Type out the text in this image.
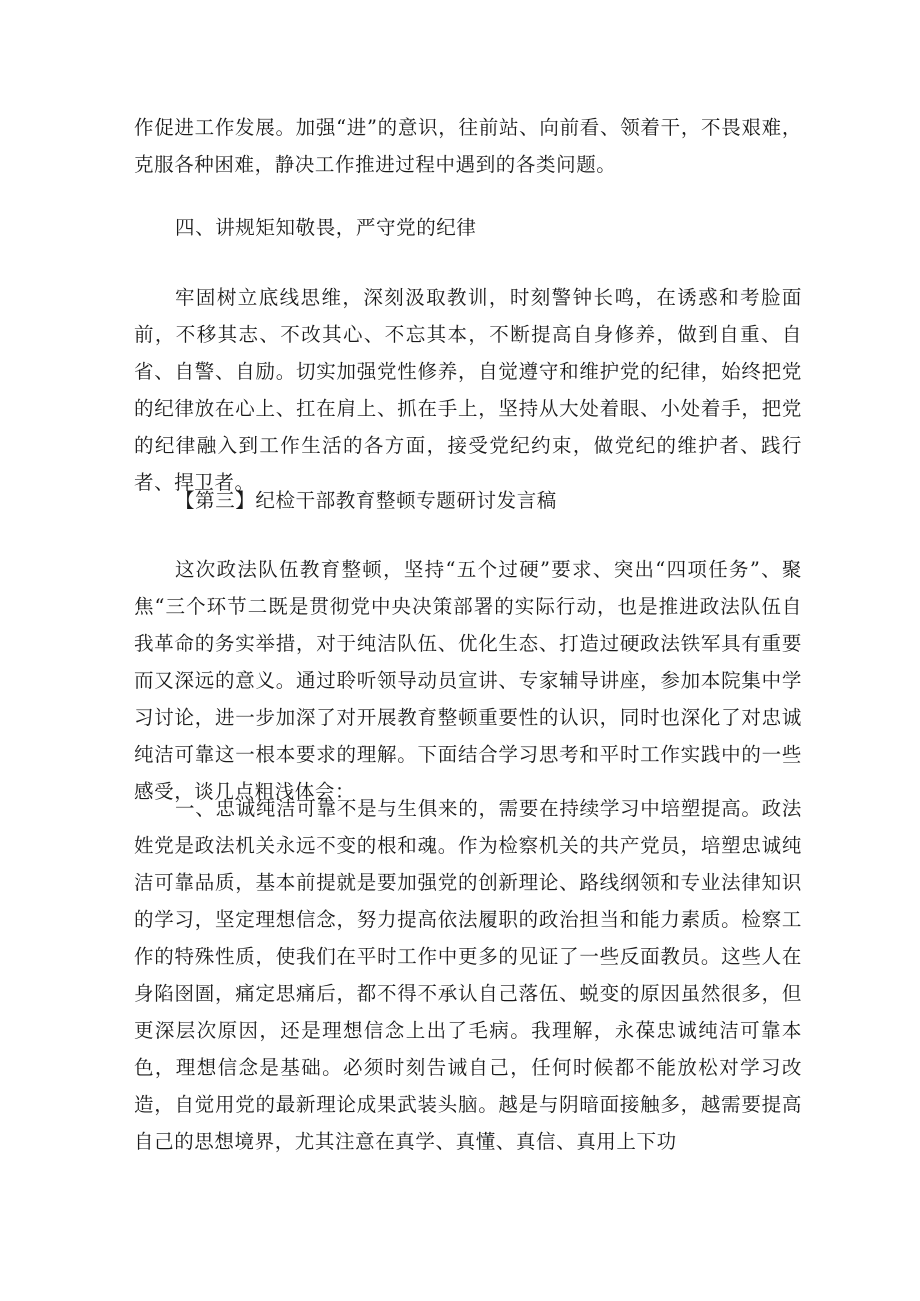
作促进工作发展。加强“进”的意识，往前站、向前看、领着干，不畏艰难，克服各种困难，静决工作推进过程中遇到的各类问题。

四、讲规矩知敬畏，严守党的纪律

牢固树立底线思维，深刻汲取教训，时刻警钟长鸣，在诱惑和考脸面前，不移其志、不改其心、不忘其本，不断提高自身修养，做到自重、自省、自警、自励。切实加强党性修养，自觉遵守和维护党的纪律，始终把党的纪律放在心上、扛在肩上、抓在手上，坚持从大处着眼、小处着手，把党的纪律融入到工作生活的各方面，接受党纪约束，做党纪的维护者、践行者、捍卫者。

【第三】纪检干部教育整顿专题研讨发言稿

这次政法队伍教育整顿，坚持“五个过硬”要求、突出“四项任务”、聚焦“三个环节二既是贯彻党中央决策部署的实际行动，也是推进政法队伍自我革命的务实举措，对于纯洁队伍、优化生态、打造过硬政法铁军具有重要而又深远的意义。通过聆听领导动员宣讲、专家辅导讲座，参加本院集中学习讨论，进一步加深了对开展教育整顿重要性的认识，同时也深化了对忠诚纯洁可靠这一根本要求的理解。下面结合学习思考和平时工作实践中的一些感受，谈几点粗浅体会：

一、忠诚纯洁可靠不是与生俱来的，需要在持续学习中培塑提高。政法姓党是政法机关永远不变的根和魂。作为检察机关的共产党员，培塑忠诚纯洁可靠品质，基本前提就是要加强党的创新理论、路线纲领和专业法律知识的学习，坚定理想信念，努力提高依法履职的政治担当和能力素质。检察工作的特殊性质，使我们在平时工作中更多的见证了一些反面教员。这些人在身陷囹圄，痛定思痛后，都不得不承认自己落伍、蜕变的原因虽然很多，但更深层次原因，还是理想信念上出了毛病。我理解，永葆忠诚纯洁可靠本色，理想信念是基础。必须时刻告诫自己，任何时候都不能放松对学习改造，自觉用党的最新理论成果武装头脑。越是与阴暗面接触多，越需要提高自己的思想境界，尤其注意在真学、真懂、真信、真用上下功
